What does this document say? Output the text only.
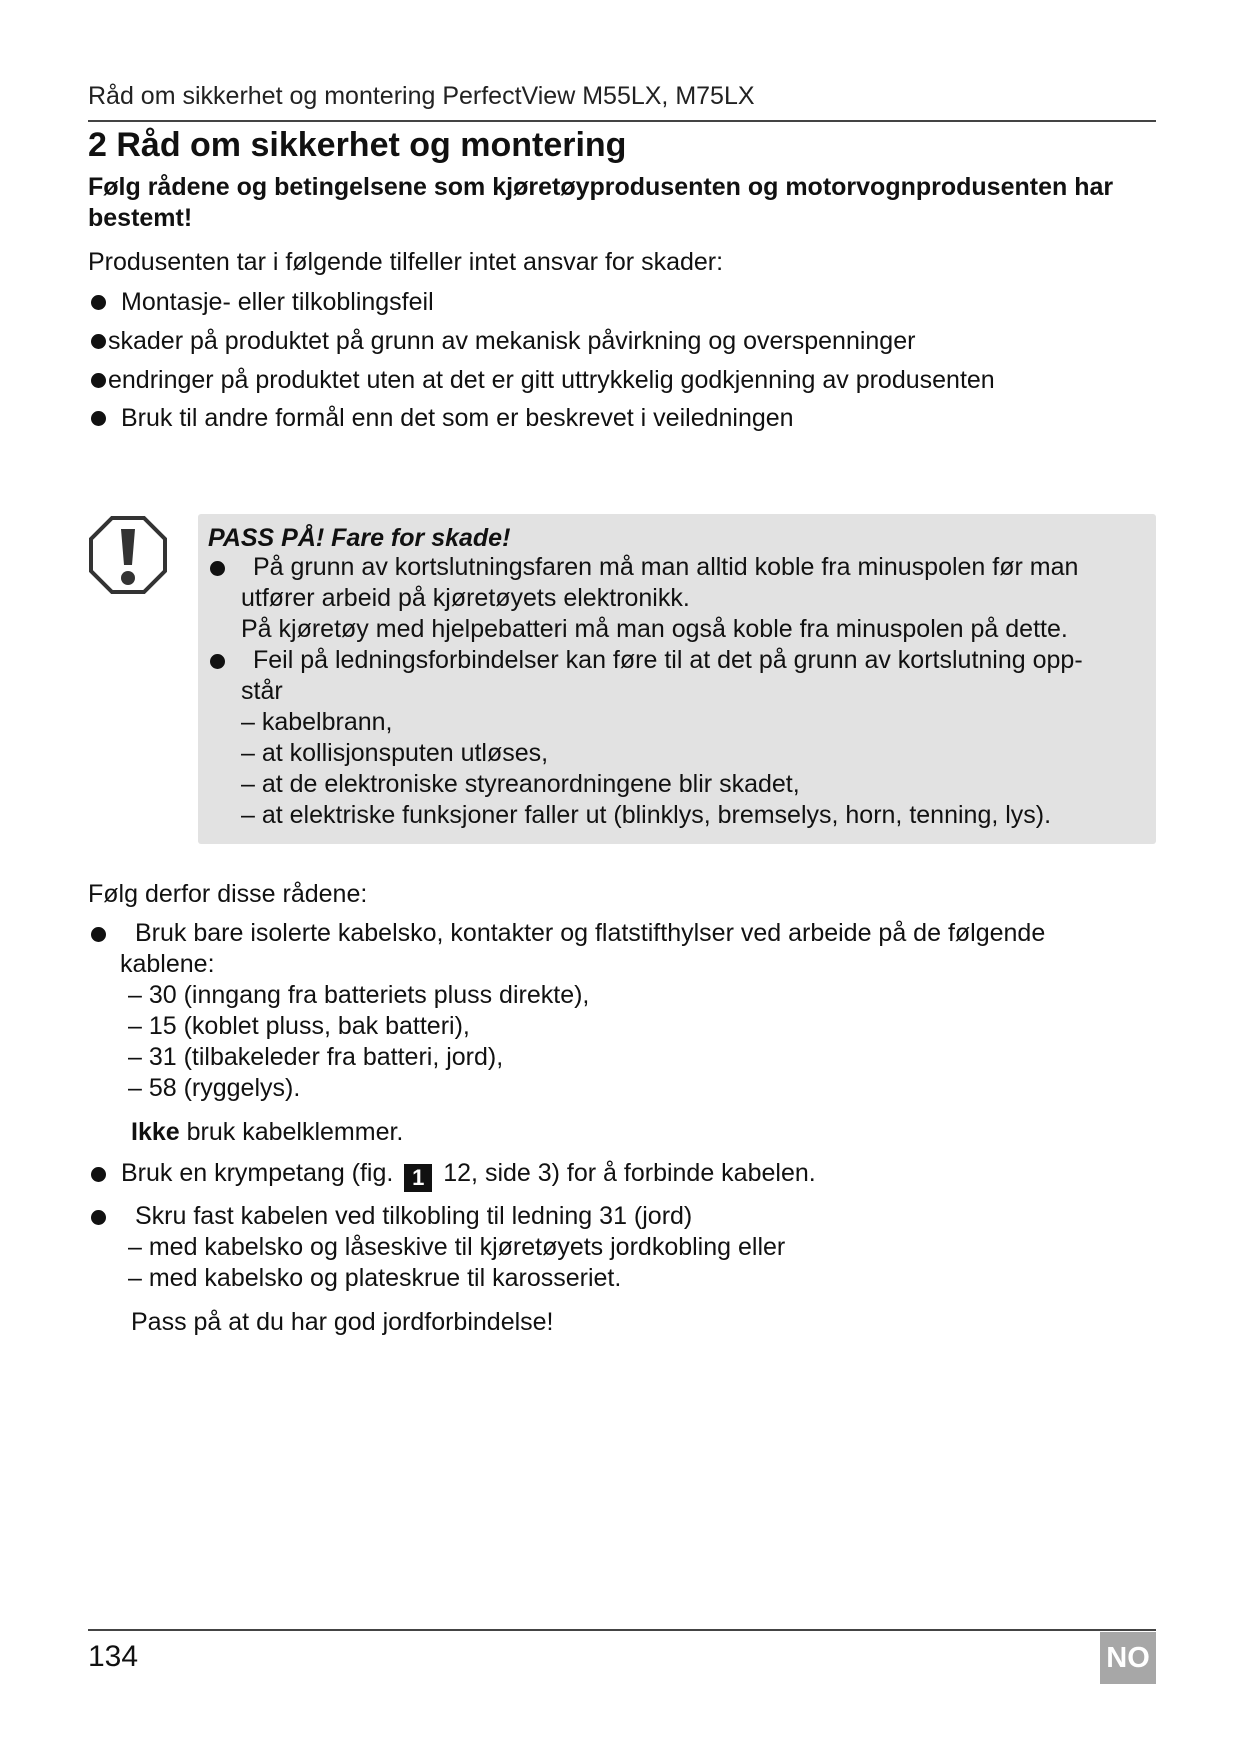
Råd om sikkerhet og montering PerfectView M55LX, M75LX
2 Råd om sikkerhet og montering

Følg rådene og betingelsene som kjøretøyprodusenten og motorvognprodusenten har bestemt!

Produsenten tar i følgende tilfeller intet ansvar for skader:
Montasje- eller tilkoblingsfeil
skader på produktet på grunn av mekanisk påvirkning og overspenninger
endringer på produktet uten at det er gitt uttrykkelig godkjenning av produsenten
Bruk til andre formål enn det som er beskrevet i veiledningen
PASS PÅ! Fare for skade!
På grunn av kortslutningsfaren må man alltid koble fra minuspolen før man
utfører arbeid på kjøretøyets elektronikk.
På kjøretøy med hjelpebatteri må man også koble fra minuspolen på dette.
Feil på ledningsforbindelser kan føre til at det på grunn av kortslutning opp-
står
– kabelbrann,
– at kollisjonsputen utløses,
– at de elektroniske styreanordningene blir skadet,
– at elektriske funksjoner faller ut (blinklys, bremselys, horn, tenning, lys).
Følg derfor disse rådene:
Bruk bare isolerte kabelsko, kontakter og flatstifthylser ved arbeide på de følgende
kablene:
– 30 (inngang fra batteriets pluss direkte),
– 15 (koblet pluss, bak batteri),
– 31 (tilbakeleder fra batteri, jord),
– 58 (ryggelys).
Ikke bruk kabelklemmer.
Bruk en krympetang (fig. 1 12, side 3) for å forbinde kabelen.
Skru fast kabelen ved tilkobling til ledning 31 (jord)
– med kabelsko og låseskive til kjøretøyets jordkobling eller
– med kabelsko og plateskrue til karosseriet.
Pass på at du har god jordforbindelse!
134	NO
